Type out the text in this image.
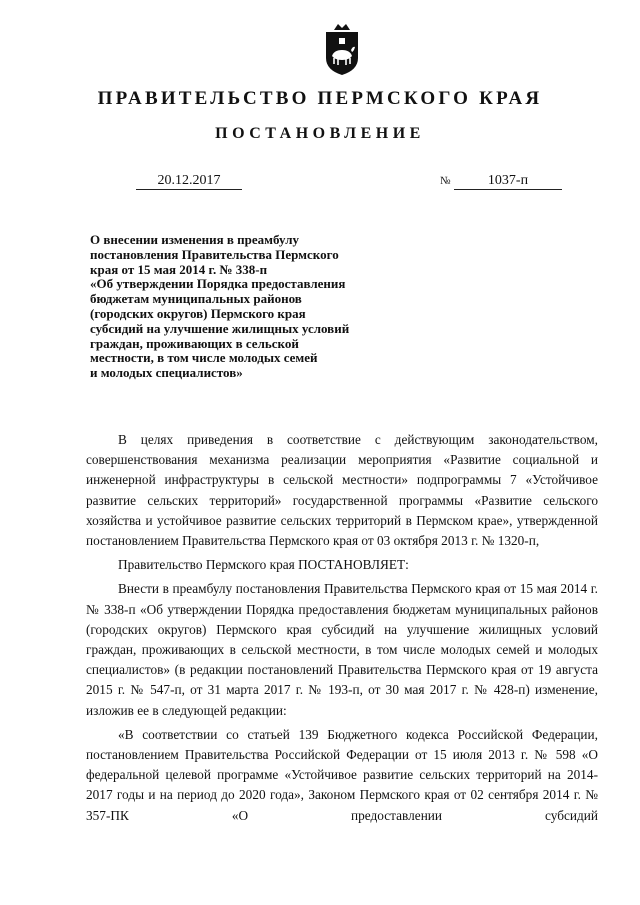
ПРАВИТЕЛЬСТВО ПЕРМСКОГО КРАЯ
ПОСТАНОВЛЕНИЕ
20.12.2017	№	1037-п
О внесении изменения в преамбулу
постановления Правительства Пермского
края от 15 мая 2014 г. № 338-п
«Об утверждении Порядка предоставления
бюджетам муниципальных районов
(городских округов) Пермского края
субсидий на улучшение жилищных условий
граждан, проживающих в сельской
местности, в том числе молодых семей
и молодых специалистов»

В целях приведения в соответствие с действующим законодательством, совершенствования механизма реализации мероприятия «Развитие социальной и инженерной инфраструктуры в сельской местности» подпрограммы 7 «Устойчивое развитие сельских территорий» государственной программы «Развитие сельского хозяйства и устойчивое развитие сельских территорий в Пермском крае», утвержденной постановлением Правительства Пермского края от 03 октября 2013 г. № 1320-п,

Правительство Пермского края ПОСТАНОВЛЯЕТ:

Внести в преамбулу постановления Правительства Пермского края от 15 мая 2014 г. № 338-п «Об утверждении Порядка предоставления бюджетам муниципальных районов (городских округов) Пермского края субсидий на улучшение жилищных условий граждан, проживающих в сельской местности, в том числе молодых семей и молодых специалистов» (в редакции постановлений Правительства Пермского края от 19 августа 2015 г. № 547-п, от 31 марта 2017 г. № 193-п, от 30 мая 2017 г. № 428-п) изменение, изложив ее в следующей редакции:

«В соответствии со статьей 139 Бюджетного кодекса Российской Федерации, постановлением Правительства Российской Федерации от 15 июля 2013 г. № 598 «О федеральной целевой программе «Устойчивое развитие сельских территорий на 2014-2017 годы и на период до 2020 года», Законом Пермского края от 02 сентября 2014 г. № 357-ПК «О предоставлении субсидий
